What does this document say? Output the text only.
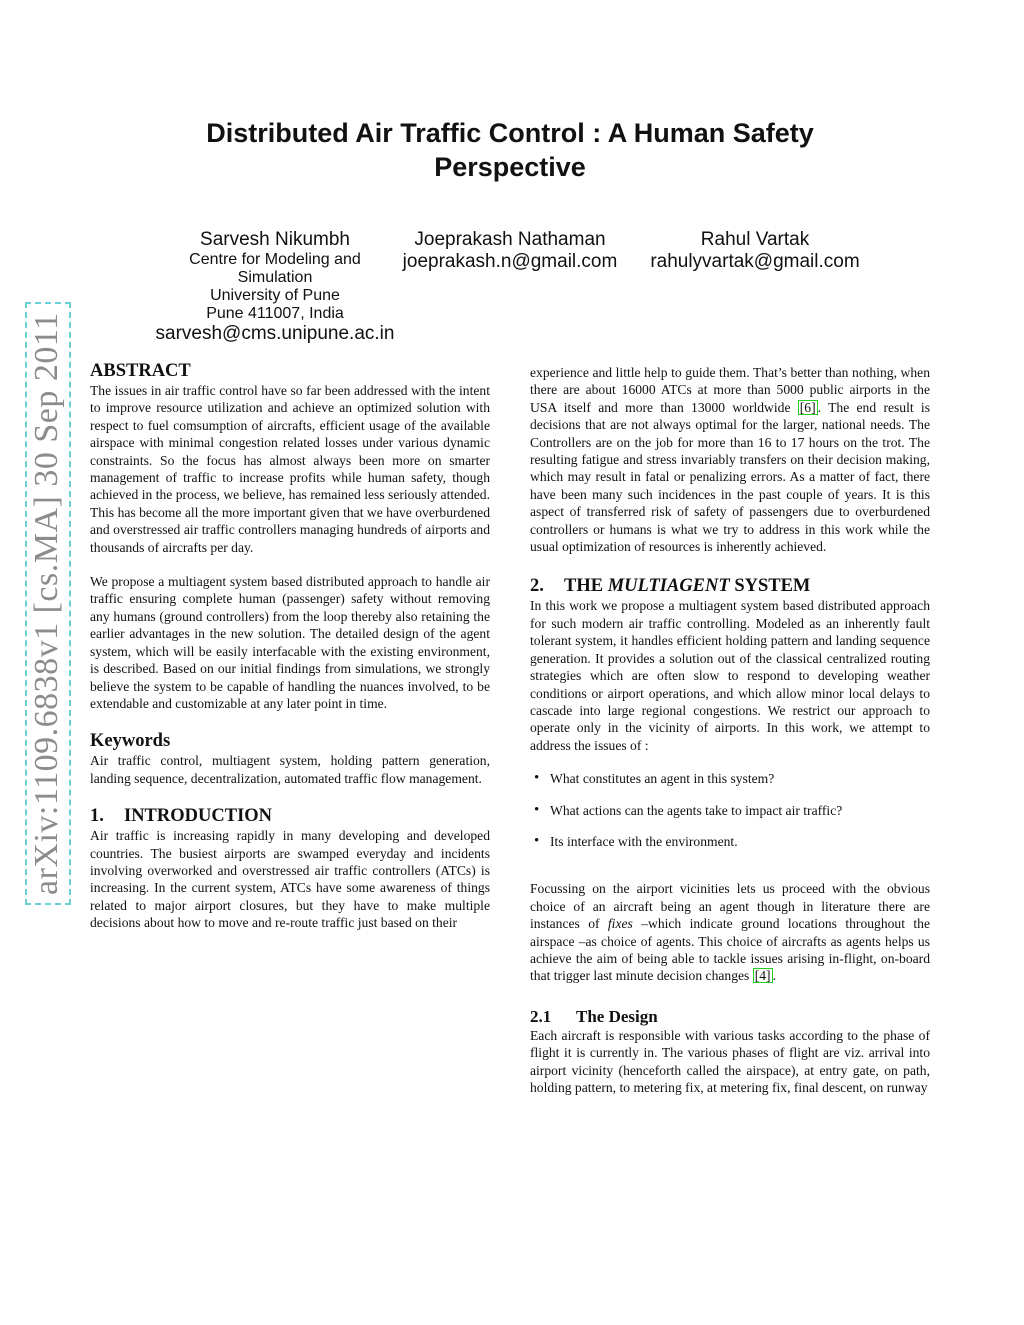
Distributed Air Traffic Control : A Human Safety Perspective
Sarvesh Nikumbh
Centre for Modeling and
Simulation
University of Pune
Pune 411007, India
sarvesh@cms.unipune.ac.in
Joeprakash Nathaman
joeprakash.n@gmail.com
Rahul Vartak
rahulyvartak@gmail.com
arXiv:1109.6838v1 [cs.MA] 30 Sep 2011	ABSTRACT

The issues in air traffic control have so far been addressed with the intent to improve resource utilization and achieve an optimized solution with respect to fuel comsumption of aircrafts, efficient usage of the available airspace with minimal congestion related losses under various dynamic constraints. So the focus has almost always been more on smarter management of traffic to increase profits while human safety, though achieved in the process, we believe, has remained less seriously attended. This has become all the more important given that we have overburdened and overstressed air traffic controllers managing hundreds of airports and thousands of aircrafts per day.

We propose a multiagent system based distributed approach to handle air traffic ensuring complete human (passenger) safety without removing any humans (ground controllers) from the loop thereby also retaining the earlier advantages in the new solution. The detailed design of the agent system, which will be easily interfacable with the existing environment, is described. Based on our initial findings from simulations, we strongly believe the system to be capable of handling the nuances involved, to be extendable and customizable at any later point in time.

Keywords

Air traffic control, multiagent system, holding pattern generation, landing sequence, decentralization, automated traffic flow management.

1. INTRODUCTION

Air traffic is increasing rapidly in many developing and developed countries. The busiest airports are swamped everyday and incidents involving overworked and overstressed air traffic controllers (ATCs) is increasing. In the current system, ATCs have some awareness of things related to major airport closures, but they have to make multiple decisions about how to move and re-route traffic just based on their

experience and little help to guide them. That’s better than nothing, when there are about 16000 ATCs at more than 5000 public airports in the USA itself and more than 13000 worldwide [6] . The end result is decisions that are not always optimal for the larger, national needs. The Controllers are on the job for more than 16 to 17 hours on the trot. The resulting fatigue and stress invariably transfers on their decision making, which may result in fatal or penalizing errors. As a matter of fact, there have been many such incidences in the past couple of years. It is this aspect of transferred risk of safety of passengers due to overburdened controllers or humans is what we try to address in this work while the usual optimization of resources is inherently achieved.

2. THE MULTIAGENT SYSTEM

In this work we propose a multiagent system based distributed approach for such modern air traffic controlling. Modeled as an inherently fault tolerant system, it handles efficient holding pattern and landing sequence generation. It provides a solution out of the classical centralized routing strategies which are often slow to respond to developing weather conditions or airport operations, and which allow minor local delays to cascade into large regional congestions. We restrict our approach to operate only in the vicinity of airports. In this work, we attempt to address the issues of :

• What constitutes an agent in this system?
• What actions can the agents take to impact air traffic?
• Its interface with the environment.

Focussing on the airport vicinities lets us proceed with the obvious choice of an aircraft being an agent though in literature there are instances of fixes –which indicate ground locations throughout the airspace –as choice of agents. This choice of aircrafts as agents helps us achieve the aim of being able to tackle issues arising in-flight, on-board that trigger last minute decision changes [4] .

2.1 The Design

Each aircraft is responsible with various tasks according to the phase of flight it is currently in. The various phases of flight are viz. arrival into airport vicinity (henceforth called the airspace), at entry gate, on path, holding pattern, to metering fix, at metering fix, final descent, on runway
